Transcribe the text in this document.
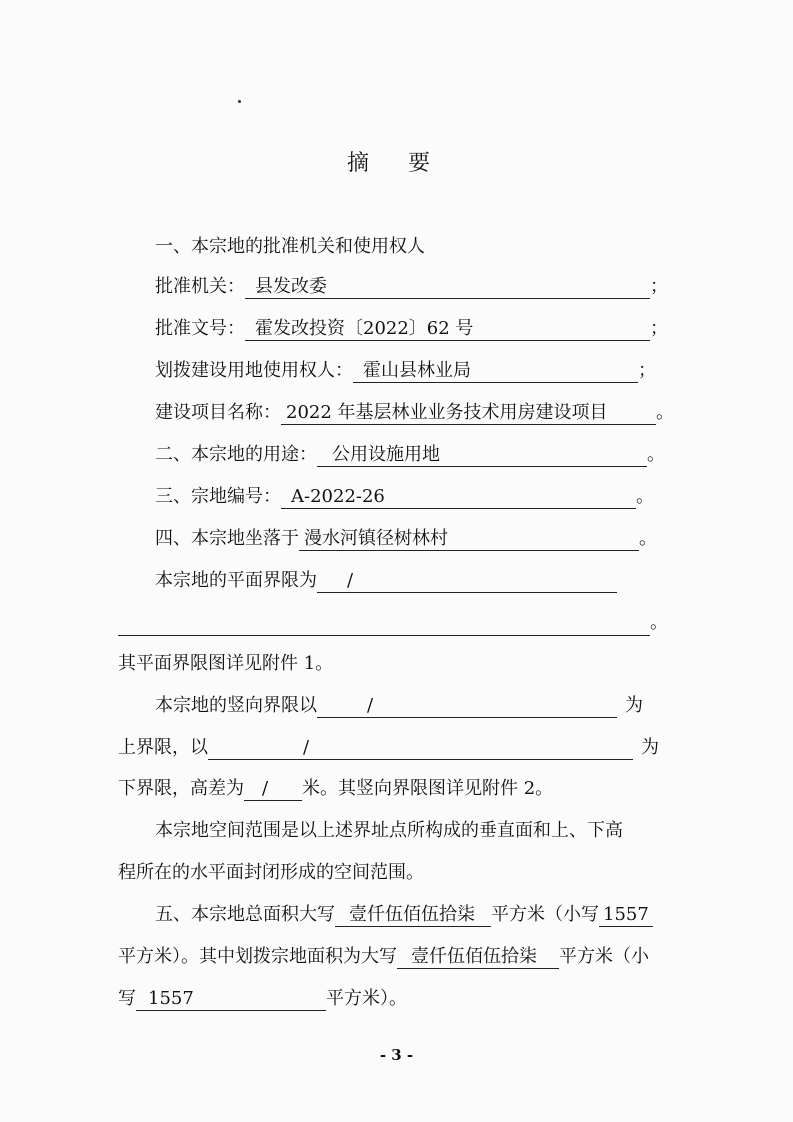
摘 要
一、本宗地的批准机关和使用权人
批准机关： 县发改委	；
批准文号： 霍发改投资〔2022〕62 号	；
划拨建设用地使用权人： 霍山县林业局	；
建设项目名称： 2022 年基层林业业务技术用房建设项目	。
二、本宗地的用途： 公用设施用地	。
三、宗地编号： A-2022-26	。
四、本宗地坐落于 漫水河镇径树林村	。
本宗地的平面界限为 /
。
其平面界限图详见附件 1。
本宗地的竖向界限以	/	为
上界限，以	/	为
下界限，高差为 / 米。其竖向界限图详见附件 2。
本宗地空间范围是以上述界址点所构成的垂直面和上、下高
程所在的水平面封闭形成的空间范围。
五、本宗地总面积大写 壹仟伍佰伍拾柒 平方米（小写 1557
平方米）。其中划拨宗地面积为大写 壹仟伍佰伍拾柒 平方米（小
写 1557	平方米）。
- 3 -
